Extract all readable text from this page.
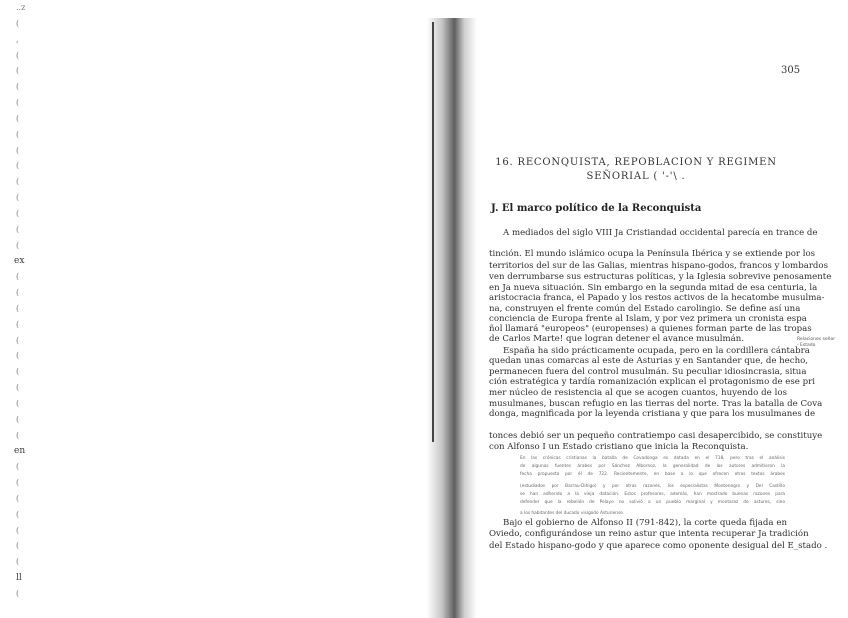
..z
(
,
(
(
(
(
(
(
(
(
(
(
(
(
(
ex
(
(
(
(
(
(
(
(
(
(
(
en
(
(
(
(
(
(
(
ll
(
305
16. RECONQUISTA, REPOBLACION Y REGIMEN
SEÑORIAL ( '-'\ .
J. El marco político de la Reconquista
A mediados del siglo VIII Ja Cristiandad occidental parecía en trance de
tinción. El mundo islámico ocupa la Península Ibérica y se extiende por los
territorios del sur de las Galias, mientras hispano-godos, francos y lombardos
ven derrumbarse sus estructuras políticas, y la Iglesia sobrevive penosamente
en Ja nueva situación. Sin embargo en la segunda mitad de esa centuria, la
aristocracia franca, el Papado y los restos activos de la hecatombe musulma-
na, construyen el frente común del Estado carolingio. Se define así una
conciencia de Europa frente al Islam, y por vez primera un cronista espa
ñol llamará "europeos" (europenses) a quienes forman parte de las tropas
de Carlos Marte! que logran detener el avance musulmán.
España ha sido prácticamente ocupada, pero en la cordillera cántabra
quedan unas comarcas al este de Asturias y en Santander que, de hecho,
permanecen fuera del control musulmán. Su peculiar idiosincrasia, situa
ción estratégica y tardía romanización explican el protagonismo de ese pri
mer núcleo de resistencia al que se acogen cuantos, huyendo de los
musulmanes, buscan refugio en las tierras del norte. Tras la batalla de Cova
donga, magnificada por la leyenda cristiana y que para los musulmanes de
tonces debió ser un pequeño contratiempo casi desapercibido, se constituye
con Alfonso I un Estado cristiano que inicia la Reconquista.
En las crónicas cristianas la batalla de Covadonga es datada en el 718, pero tras el análisis
de algunas fuentes árabes por Sánchez Albornoz, la generalidad de los autores admitieron la
fecha propuesta por él de 722. Recientemente, en base a lo que ofrecen otros textos árabes
(estudiados por Barrau-Dihigo) y por otras razones, los especialistas Montenegro y Del Castillo
se han adherido a la vieja datación. Estos profesores, además, han mostrado buenas razones para
defender que la rebelión de Pelayo no solivió a un pueblo marginal y montaraz de astures, sino
a los habitantes del ducado visigodo Asturiense.
Bajo el gobierno de Alfonso II (791-842), la corte queda fijada en
Oviedo, configurándose un reino astur que intenta recuperar Ja tradición
del Estado hispano-godo y que aparece como oponente desigual del E_stado .
Relaciones señor - Estado
